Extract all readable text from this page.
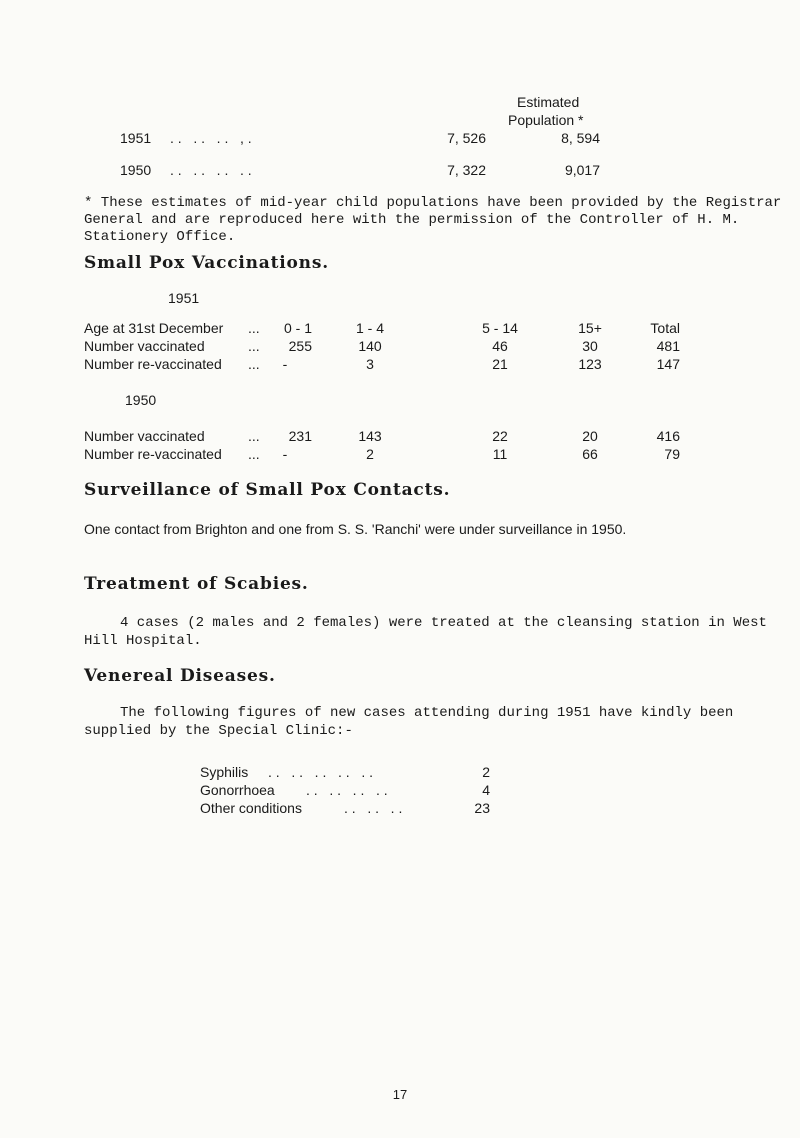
Estimated
Population *
1951 . .   . .   . .   , .	7, 526	8, 594
1950 . .   . .   . .   . .	7, 322	9,017
* These estimates of mid-year child populations have been provided by the Registrar General and are reproduced here with the permission of the Controller of H. M. Stationery Office.
Small Pox Vaccinations.
1951
Age at 31st December ...	0 - 1	1 - 4	5 - 14	15+	Total
Number vaccinated	...	255	140	46	30	481
Number re-vaccinated ...	-	3	21	123	147
1950
Number vaccinated	...	231	143	22	20	416
Number re-vaccinated ...	-	2	11	66	79
Surveillance of Small Pox Contacts.
One contact from Brighton and one from S. S. 'Ranchi' were under surveillance in 1950.
Treatment of Scabies.
4 cases (2 males and 2 females) were treated at the cleansing station in West Hill Hospital.
Venereal Diseases.
The following figures of new cases attending during 1951 have kindly been supplied by the Special Clinic:-
Syphilis . .   . .   . .   . .   . .	2
Gonorrhoea . .   . .   . .   . .	4
Other conditions	. .   . .   . .	23
17
